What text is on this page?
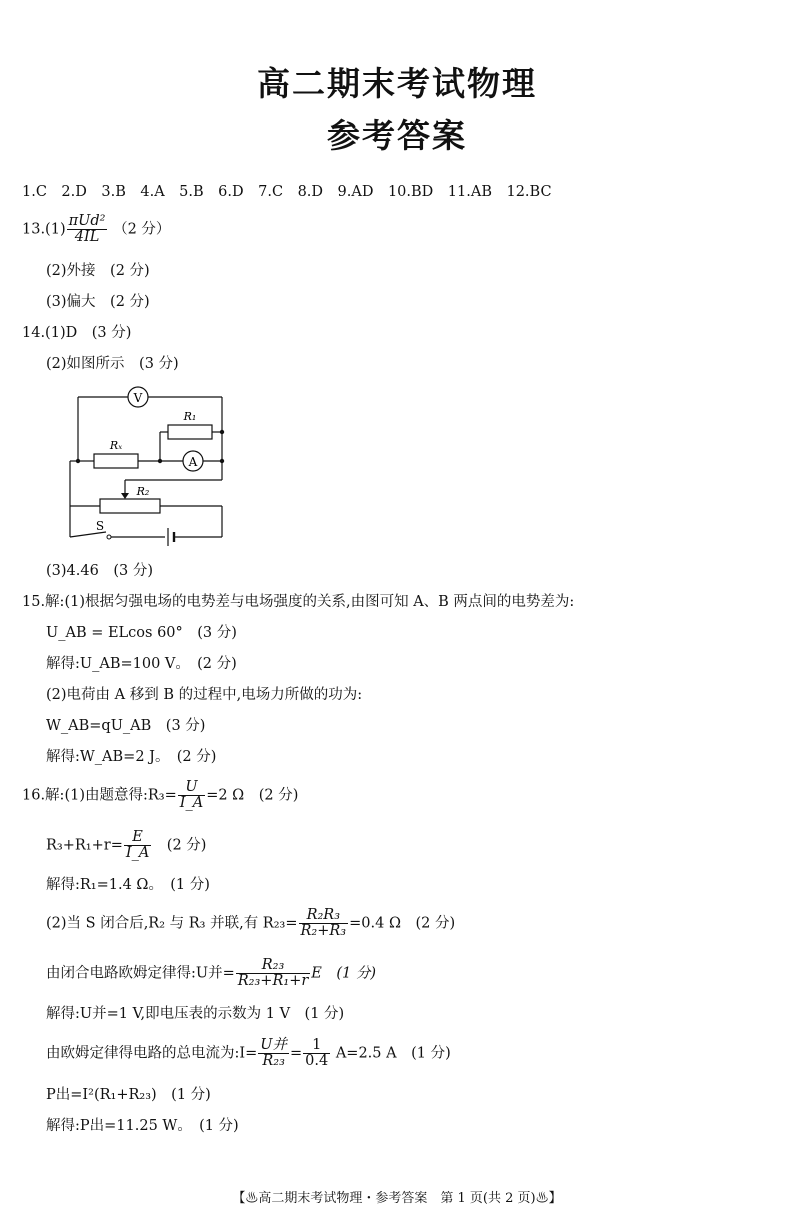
高二期末考试物理
参考答案
1.C　2.D　3.B　4.A　5.B　6.D　7.C　8.D　9.AD　10.BD　11.AB　12.BC
$13.(1) \frac{\text{πUd²}}{4IL} (2$ 分）
(2)外接　(2 分)
(3)偏大　(2 分)
14.(1)D　(3 分)
(2)如图所示　(3 分)
V
R₁
Rₓ
A
R₂
S
(3)4.46　(3 分)
15.解:(1)根据匀强电场的电势差与电场强度的关系,由图可知 A、B 两点间的电势差为:
U_AB = ELcos 60°　(3 分)
解得:U_AB=100 V。　(2 分)
(2)电荷由 A 移到 B 的过程中,电场力所做的功为:
W_AB=qU_AB　(3 分)
解得:W_AB=2 J。　(2 分)
16.解:(1)由题意得:R₃= $\frac{U}{I\_A} =2$ Ω　(2 分)
$R_3+R_1+r= \frac{E}{I\_A}$ 　(2 分)
解得:R₁=1.4 Ω。　(1 分)
(2)当 S 闭合后,R₂ 与 R₃ 并联,有 $R_{23}= \frac{\text{R₂R₃}}{\text{R₂+R₃}} =0.4$ Ω　(2 分)
由闭合电路欧姆定律得:U并= $\frac{\text{R₂₃}}{\text{R₂₃+R₁+r}}$ E　(1 分)
解得:U并=1 V,即电压表的示数为 1 V　(1 分)
由欧姆定律得电路的总电流为:I= $\frac{\text{U并}}{\text{R₂₃}} = \frac{1}{0.4} A=2.5$ A　(1 分)
P出=I²(R₁+R₂₃)　(1 分)
解得:P出=11.25 W。　(1 分)
【♨高二期末考试物理・参考答案　第 1 页(共 2 页)♨】
